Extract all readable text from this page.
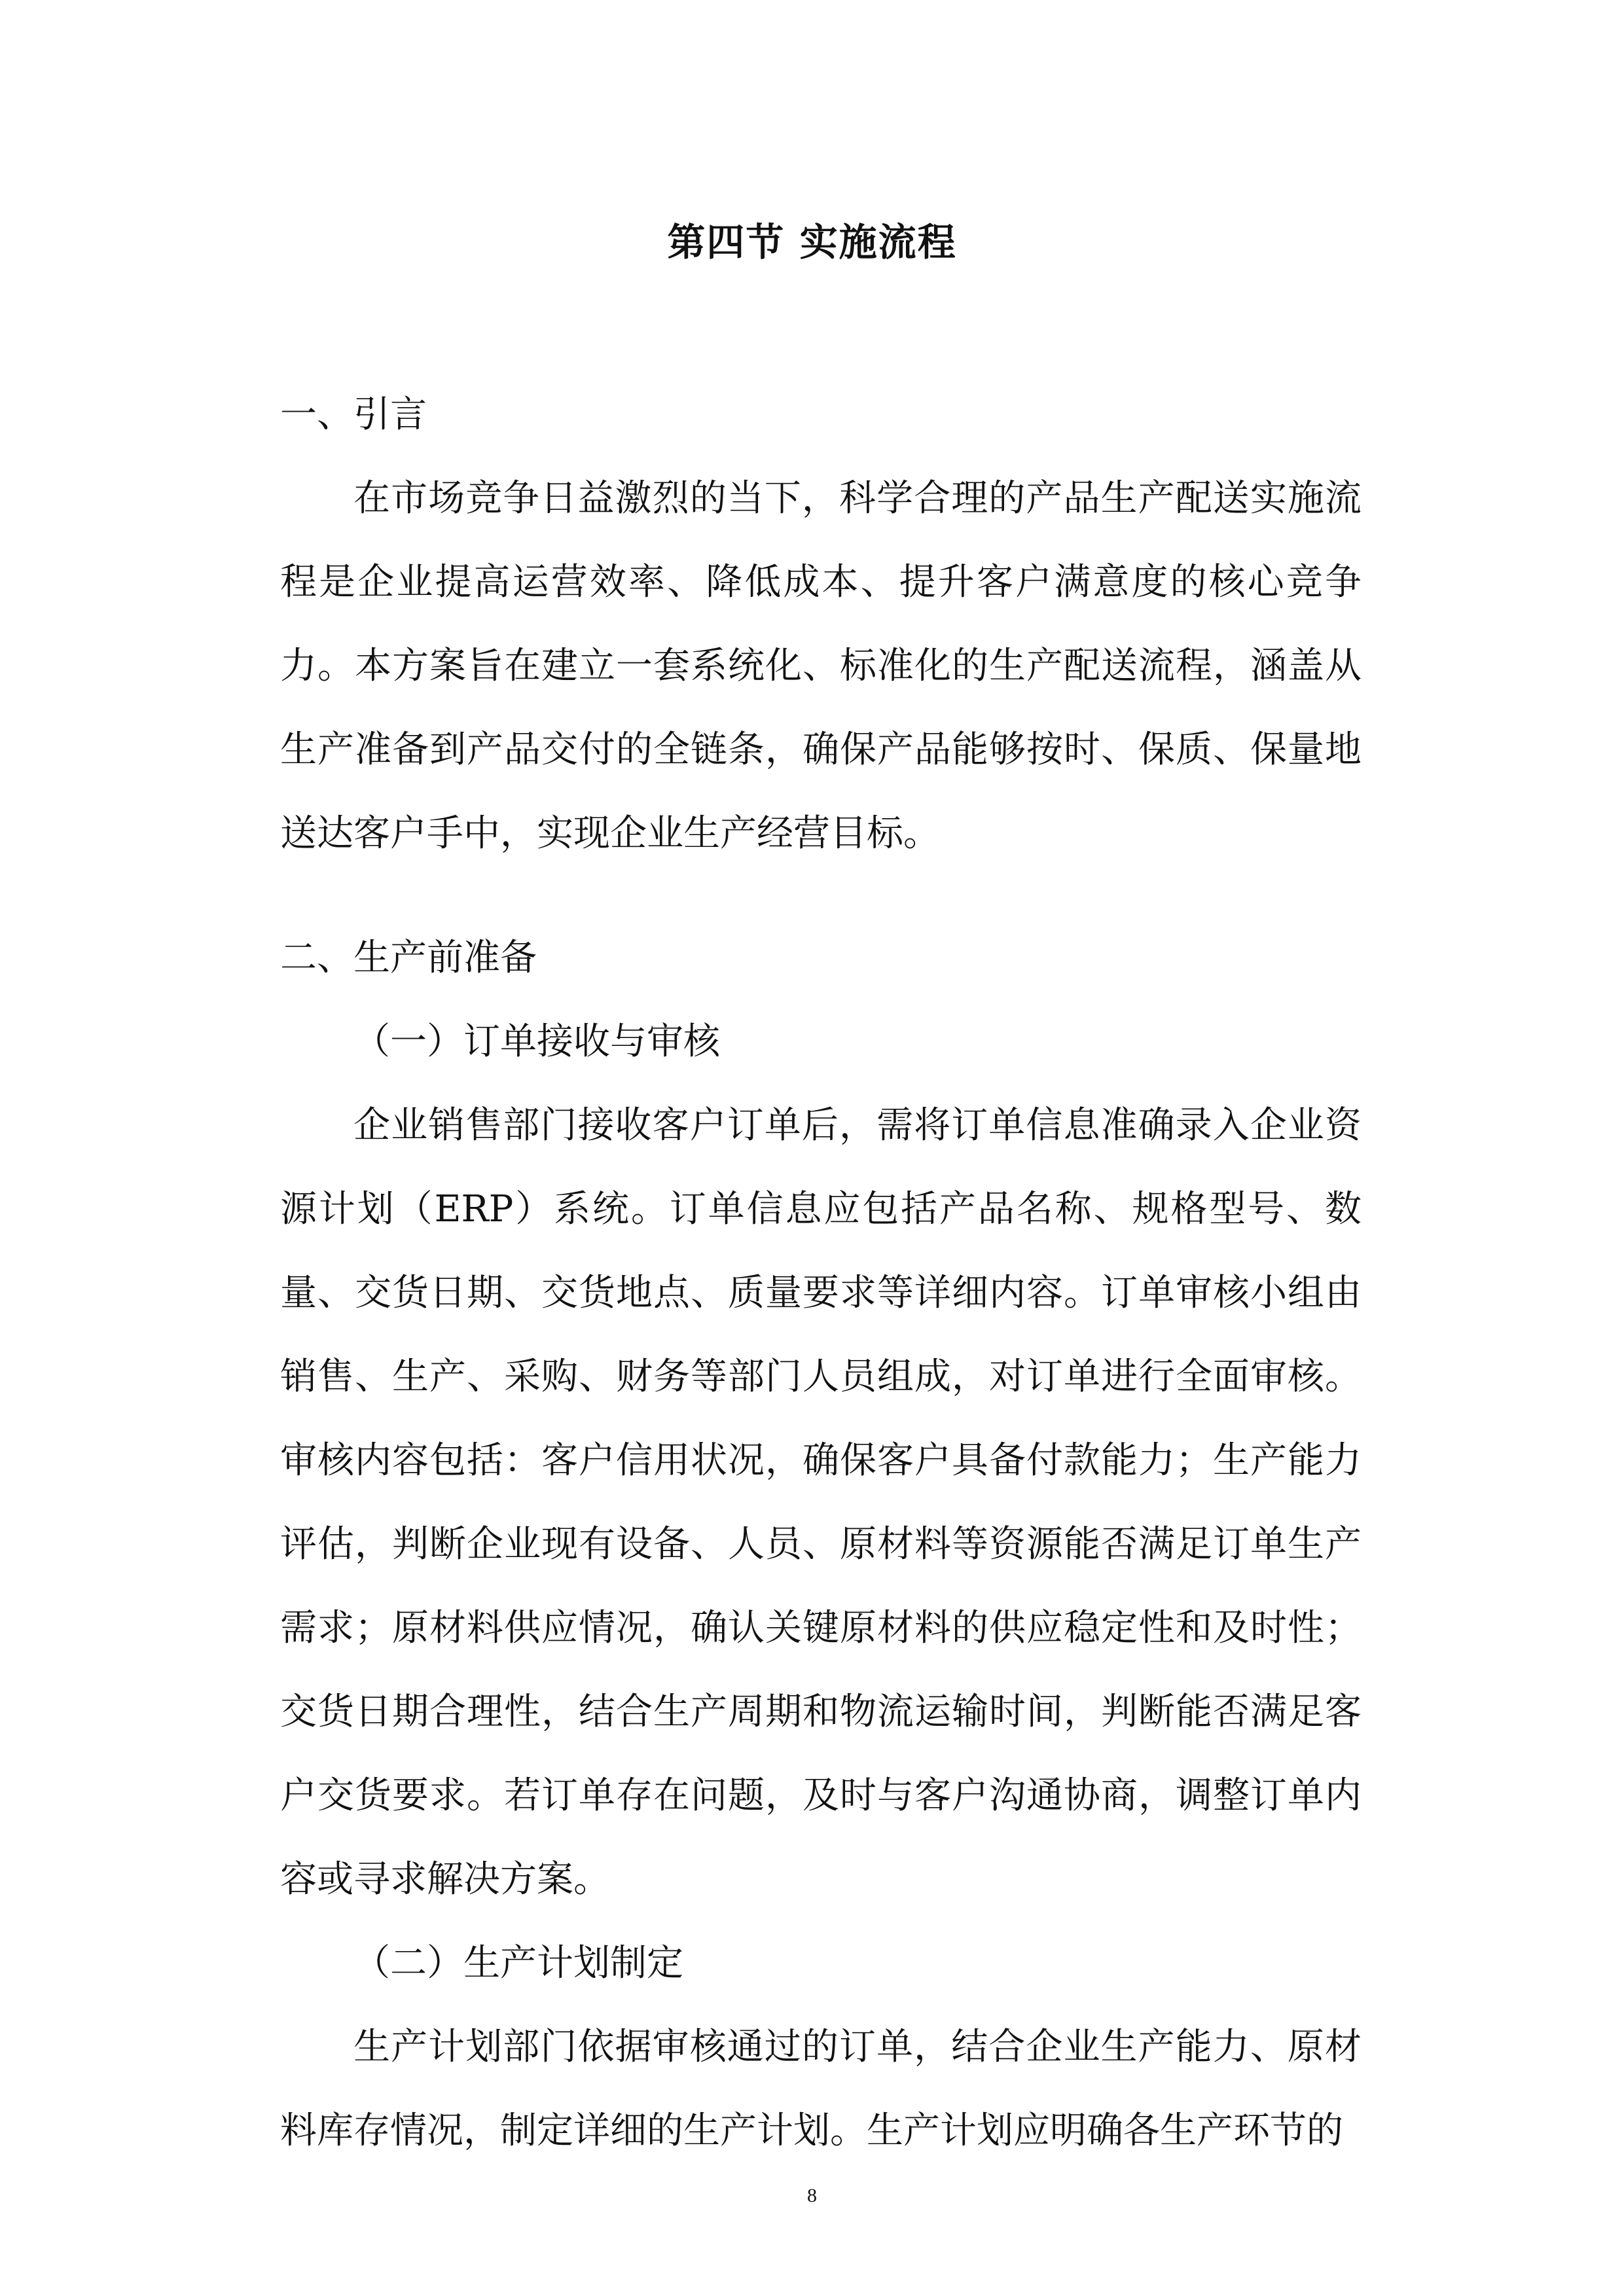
第四节 实施流程

一、引言

在市场竞争日益激烈的当下，科学合理的产品生产配送实施流程是企业提高运营效率、降低成本、提升客户满意度的核心竞争力。本方案旨在建立一套系统化、标准化的生产配送流程，涵盖从生产准备到产品交付的全链条，确保产品能够按时、保质、保量地送达客户手中，实现企业生产经营目标。

二、生产前准备

（一）订单接收与审核

企业销售部门接收客户订单后，需将订单信息准确录入企业资源计划（ERP）系统。订单信息应包括产品名称、规格型号、数量、交货日期、交货地点、质量要求等详细内容。订单审核小组由销售、生产、采购、财务等部门人员组成，对订单进行全面审核。审核内容包括：客户信用状况，确保客户具备付款能力；生产能力评估，判断企业现有设备、人员、原材料等资源能否满足订单生产需求；原材料供应情况，确认关键原材料的供应稳定性和及时性；交货日期合理性，结合生产周期和物流运输时间，判断能否满足客户交货要求。若订单存在问题，及时与客户沟通协商，调整订单内容或寻求解决方案。

（二）生产计划制定

生产计划部门依据审核通过的订单，结合企业生产能力、原材料库存情况，制定详细的生产计划。生产计划应明确各生产环节的

8
